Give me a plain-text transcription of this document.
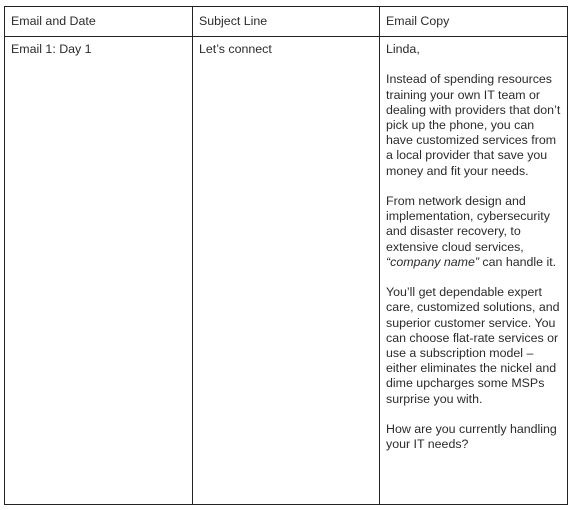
Email and Date	Subject Line	Email Copy
Email 1: Day 1	Let’s connect	Linda,

Instead of spending resources training your own IT team or dealing with providers that don’t pick up the phone, you can have customized services from a local provider that save you money and fit your needs.

From network design and implementation, cybersecurity and disaster recovery, to extensive cloud services, “company name” can handle it.

You’ll get dependable expert care, customized solutions, and superior customer service. You can choose flat-rate services or use a subscription model – either eliminates the nickel and dime upcharges some MSPs surprise you with.

How are you currently handling your IT needs?
